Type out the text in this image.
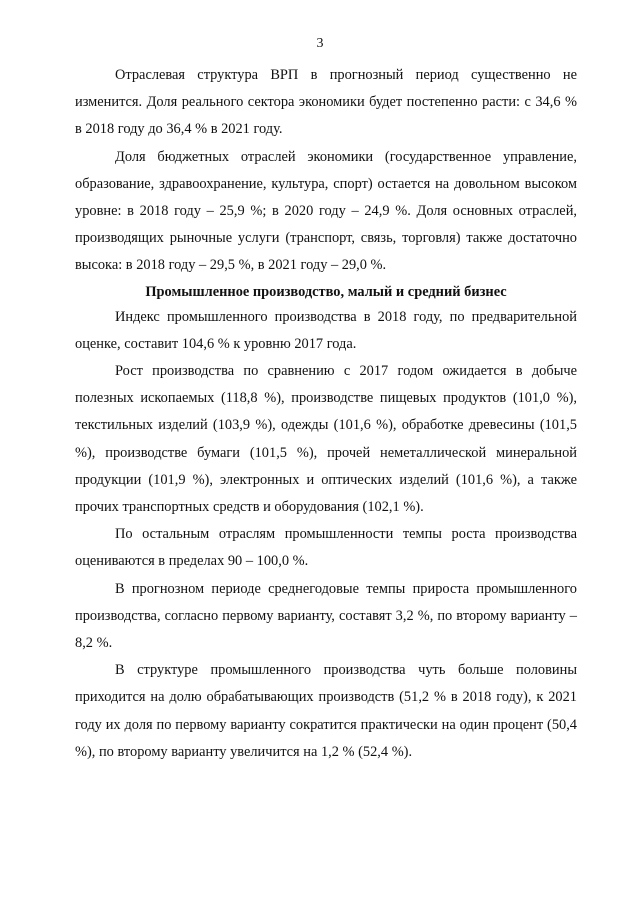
3

Отраслевая структура ВРП в прогнозный период существенно не изменится. Доля реального сектора экономики будет постепенно расти: с 34,6 % в 2018 году до 36,4 % в 2021 году.

Доля бюджетных отраслей экономики (государственное управление, образование, здравоохранение, культура, спорт) остается на довольном высоком уровне: в 2018 году – 25,9 %; в 2020 году – 24,9 %. Доля основных отраслей, производящих рыночные услуги (транспорт, связь, торговля) также достаточно высока: в 2018 году – 29,5 %, в 2021 году – 29,0 %.

Промышленное производство, малый и средний бизнес

Индекс промышленного производства в 2018 году, по предварительной оценке, составит 104,6 % к уровню 2017 года.

Рост производства по сравнению с 2017 годом ожидается в добыче полезных ископаемых (118,8 %), производстве пищевых продуктов (101,0 %), текстильных изделий (103,9 %), одежды (101,6 %), обработке древесины (101,5 %), производстве бумаги (101,5 %), прочей неметаллической минеральной продукции (101,9 %), электронных и оптических изделий (101,6 %), а также прочих транспортных средств и оборудования (102,1 %).

По остальным отраслям промышленности темпы роста производства оцениваются в пределах 90 – 100,0 %.

В прогнозном периоде среднегодовые темпы прироста промышленного производства, согласно первому варианту, составят 3,2 %, по второму варианту – 8,2 %.

В структуре промышленного производства чуть больше половины приходится на долю обрабатывающих производств (51,2 % в 2018 году), к 2021 году их доля по первому варианту сократится практически на один процент (50,4 %), по второму варианту увеличится на 1,2 % (52,4 %).
